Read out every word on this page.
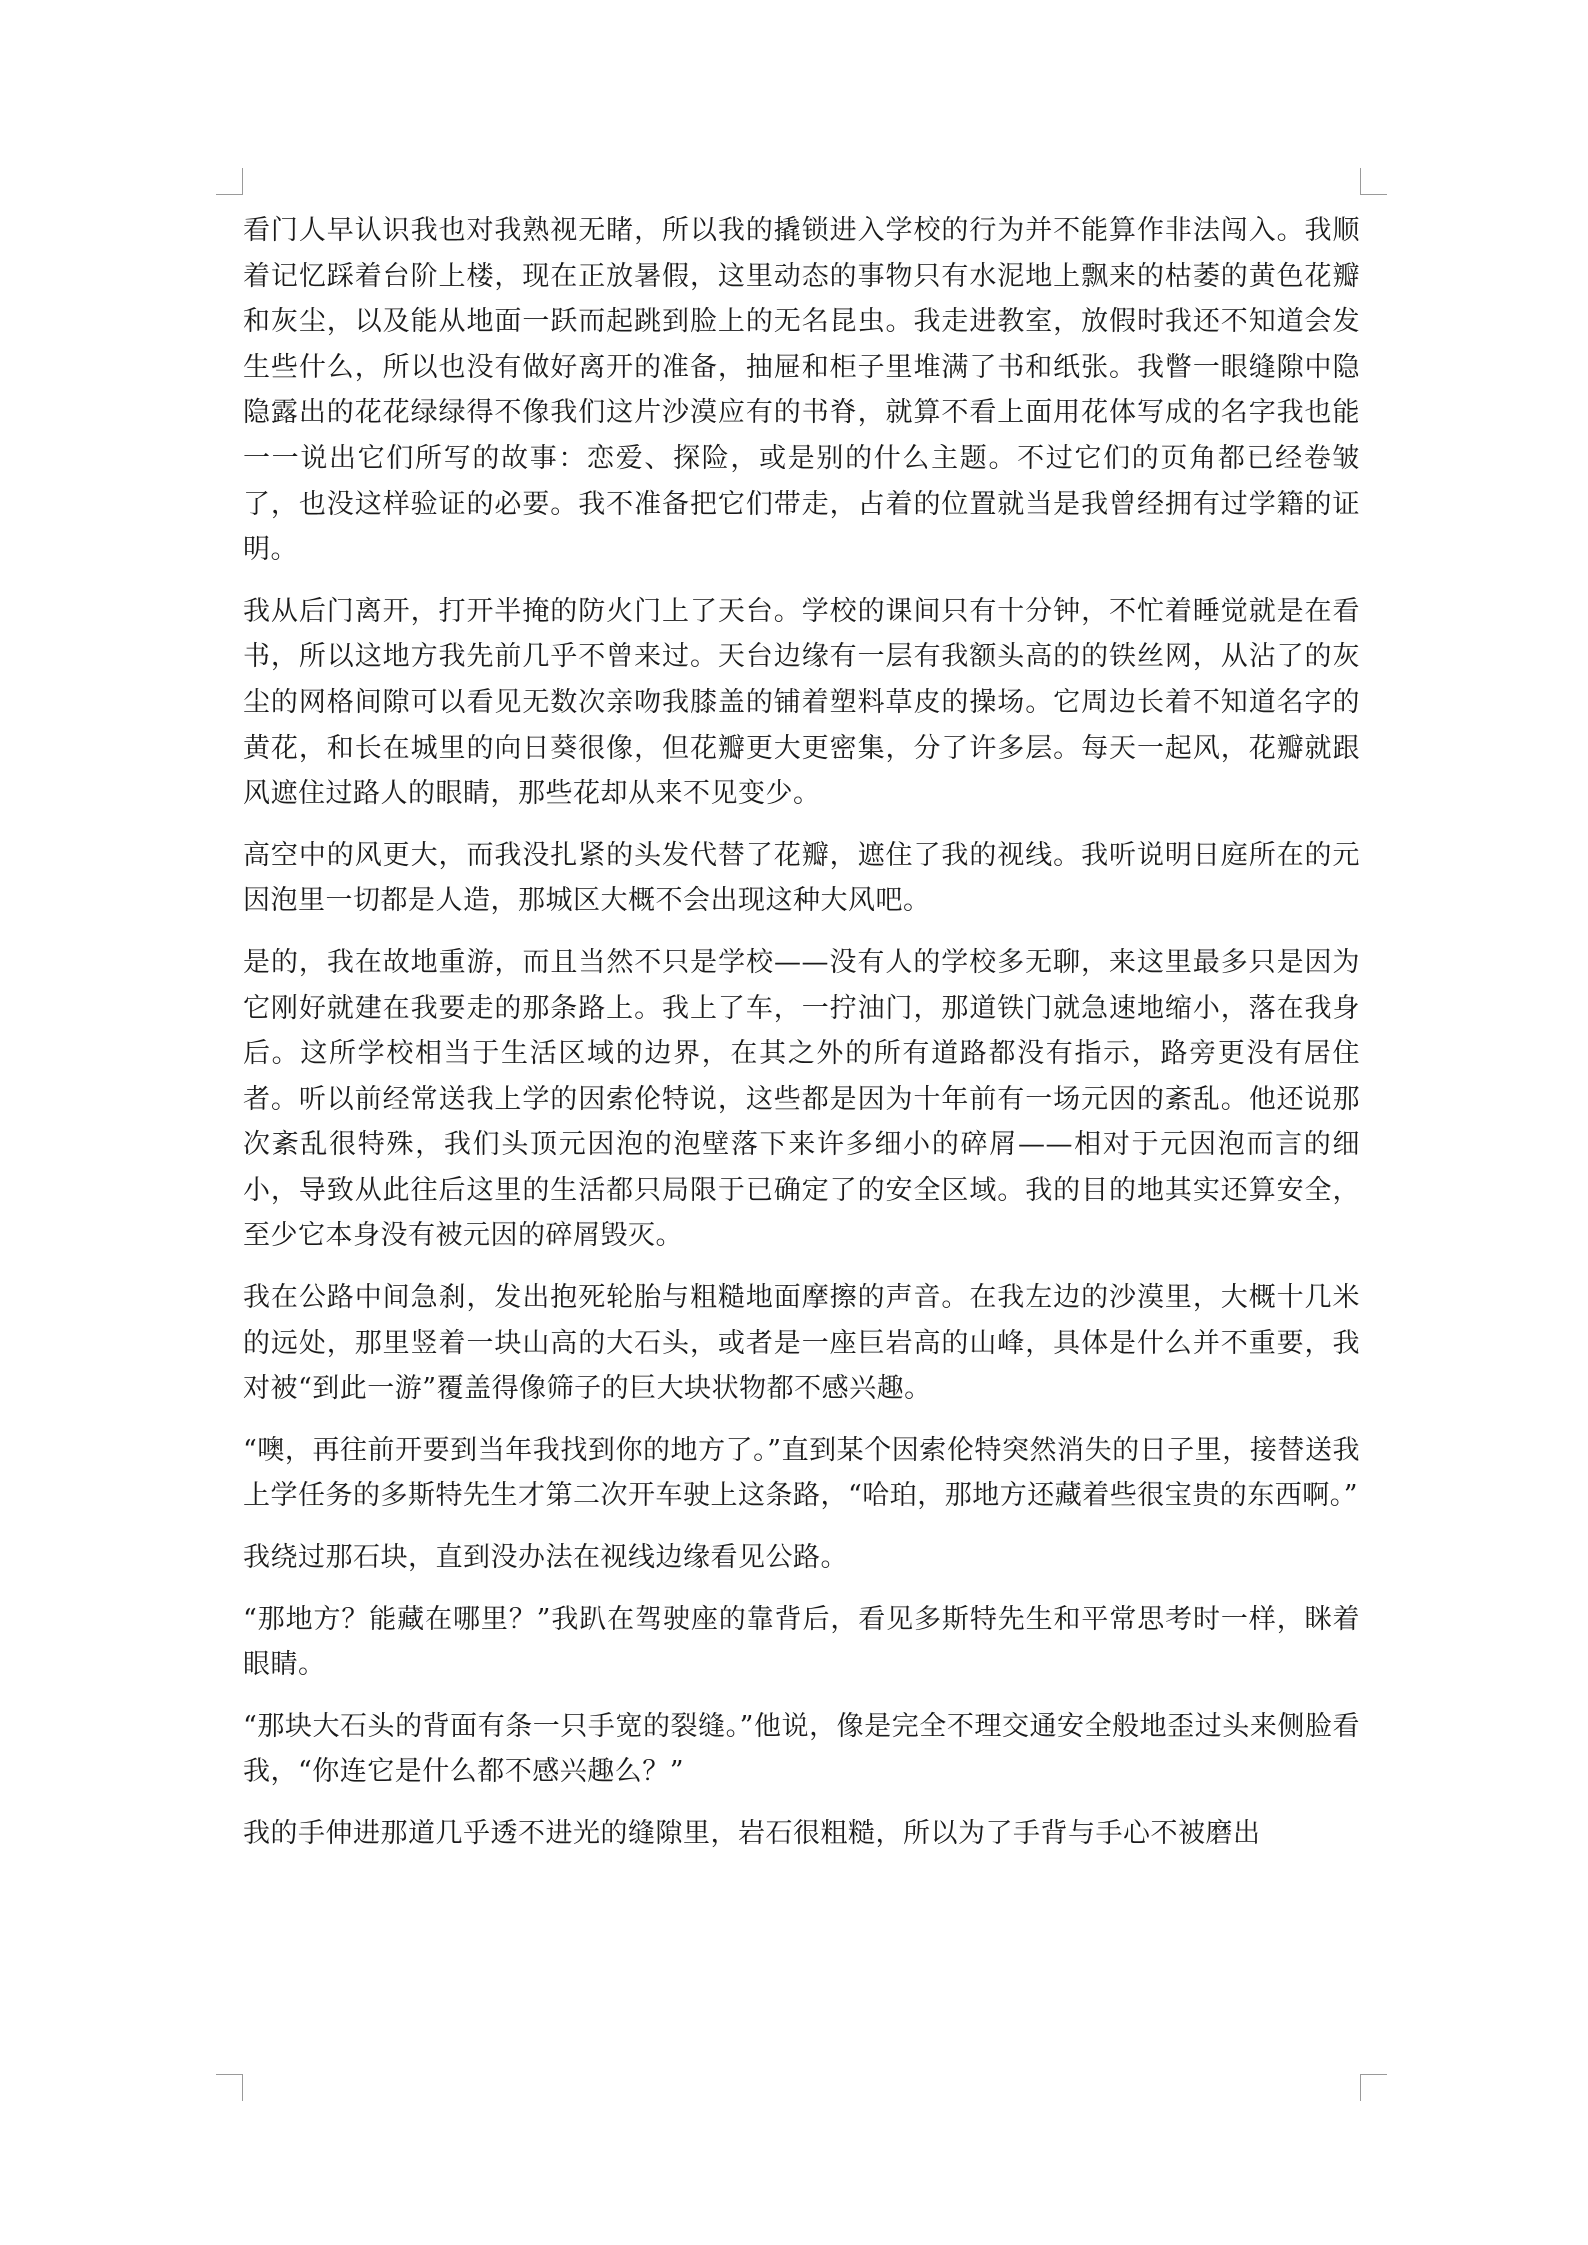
看门人早认识我也对我熟视无睹，所以我的撬锁进入学校的行为并不能算作非法闯入。我顺着记忆踩着台阶上楼，现在正放暑假，这里动态的事物只有水泥地上飘来的枯萎的黄色花瓣和灰尘，以及能从地面一跃而起跳到脸上的无名昆虫。我走进教室，放假时我还不知道会发生些什么，所以也没有做好离开的准备，抽屉和柜子里堆满了书和纸张。我瞥一眼缝隙中隐隐露出的花花绿绿得不像我们这片沙漠应有的书脊，就算不看上面用花体写成的名字我也能一一说出它们所写的故事：恋爱、探险，或是别的什么主题。不过它们的页角都已经卷皱了，也没这样验证的必要。我不准备把它们带走，占着的位置就当是我曾经拥有过学籍的证明。

我从后门离开，打开半掩的防火门上了天台。学校的课间只有十分钟，不忙着睡觉就是在看书，所以这地方我先前几乎不曾来过。天台边缘有一层有我额头高的的铁丝网，从沾了的灰尘的网格间隙可以看见无数次亲吻我膝盖的铺着塑料草皮的操场。它周边长着不知道名字的黄花，和长在城里的向日葵很像，但花瓣更大更密集，分了许多层。每天一起风，花瓣就跟风遮住过路人的眼睛，那些花却从来不见变少。

高空中的风更大，而我没扎紧的头发代替了花瓣，遮住了我的视线。我听说明日庭所在的元因泡里一切都是人造，那城区大概不会出现这种大风吧。

是的，我在故地重游，而且当然不只是学校——没有人的学校多无聊，来这里最多只是因为它刚好就建在我要走的那条路上。我上了车，一拧油门，那道铁门就急速地缩小，落在我身后。这所学校相当于生活区域的边界，在其之外的所有道路都没有指示，路旁更没有居住者。听以前经常送我上学的因索伦特说，这些都是因为十年前有一场元因的紊乱。他还说那次紊乱很特殊，我们头顶元因泡的泡壁落下来许多细小的碎屑——相对于元因泡而言的细小，导致从此往后这里的生活都只局限于已确定了的安全区域。我的目的地其实还算安全，至少它本身没有被元因的碎屑毁灭。

我在公路中间急刹，发出抱死轮胎与粗糙地面摩擦的声音。在我左边的沙漠里，大概十几米的远处，那里竖着一块山高的大石头，或者是一座巨岩高的山峰，具体是什么并不重要，我对被“到此一游”覆盖得像筛子的巨大块状物都不感兴趣。

“噢，再往前开要到当年我找到你的地方了。”直到某个因索伦特突然消失的日子里，接替送我上学任务的多斯特先生才第二次开车驶上这条路，“哈珀，那地方还藏着些很宝贵的东西啊。”

我绕过那石块，直到没办法在视线边缘看见公路。

“那地方？能藏在哪里？”我趴在驾驶座的靠背后，看见多斯特先生和平常思考时一样，眯着眼睛。

“那块大石头的背面有条一只手宽的裂缝。”他说，像是完全不理交通安全般地歪过头来侧脸看我，“你连它是什么都不感兴趣么？”

我的手伸进那道几乎透不进光的缝隙里，岩石很粗糙，所以为了手背与手心不被磨出
